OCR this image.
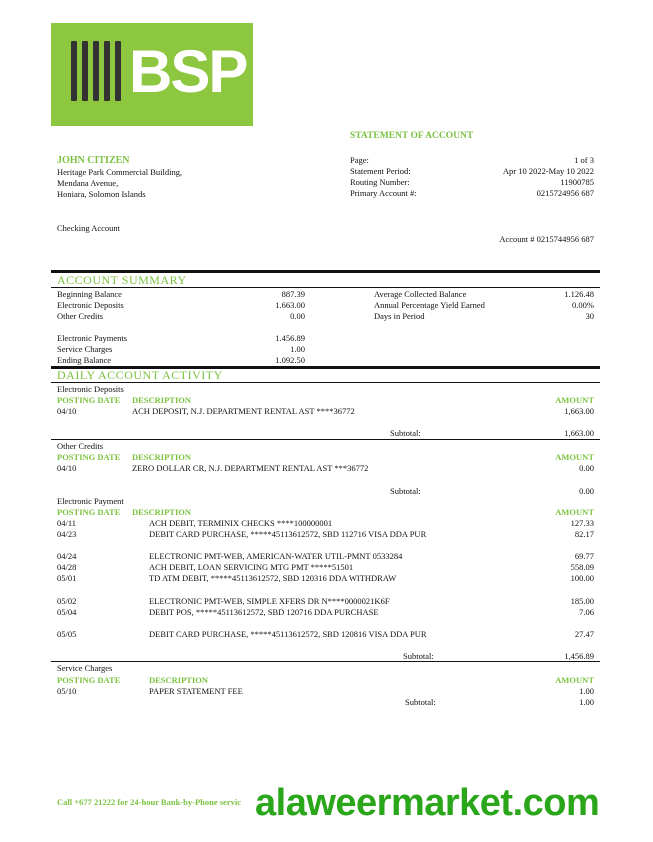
BSP
STATEMENT OF ACCOUNT
JOHN CITIZEN
Heritage Park Commercial Building,
Mendana Avenue,
Honiara, Solomon Islands
Page:	1 of 3
Statement Period:	Apr 10 2022-May 10 2022
Routing Number:	11900785
Primary Account #:	0215724956 687
Checking Account
Account # 0215744956 687
ACCOUNT SUMMARY
Beginning Balance	887.39
Electronic Deposits	1.663.00
Other Credits	0.00
Electronic Payments	1.456.89
Service Charges	1.00
Ending Balance	1.092.50
Average Collected Balance	1.126.48
Annual Percentage Yield Earned	0.00%
Days in Period	30
DAILY ACCOUNT ACTIVITY
Electronic Deposits
POSTING DATE DESCRIPTION	AMOUNT
04/10	ACH DEPOSIT, N.J. DEPARTMENT RENTAL AST ****36772	1,663.00
Subtotal:	1,663.00
Other Credits
POSTING DATE DESCRIPTION	AMOUNT
04/10	ZERO DOLLAR CR, N.J. DEPARTMENT RENTAL AST ***36772	0.00
Subtotal:	0.00
Electronic Payment
POSTING DATE DESCRIPTION	AMOUNT
04/11	ACH DEBIT, TERMINIX CHECKS ****100000001	127.33
04/23	DEBIT CARD PURCHASE, *****45113612572, SBD 112716 VISA DDA PUR	82.17
04/24	ELECTRONIC PMT-WEB, AMERICAN-WATER UTIL-PMNT 0533284	69.77
04/28	ACH DEBIT, LOAN SERVICING MTG PMT *****51501	558.09
05/01	TD ATM DEBIT, *****45113612572, SBD 120316 DDA WITHDRAW	100.00
05/02	ELECTRONIC PMT-WEB, SIMPLE XFERS DR N****0000021K6F	185.00
05/04	DEBIT POS, *****45113612572, SBD 120716 DDA PURCHASE	7.06
05/05	DEBIT CARD PURCHASE, *****45113612572, SBD 120816 VISA DDA PUR	27.47
Subtotal:	1,456.89
Service Charges
POSTING DATE	DESCRIPTION	AMOUNT
05/10	PAPER STATEMENT FEE	1.00
Subtotal:	1.00
Call +677 21222 for 24-hour Bank-by-Phone servic alaweermarket.com
